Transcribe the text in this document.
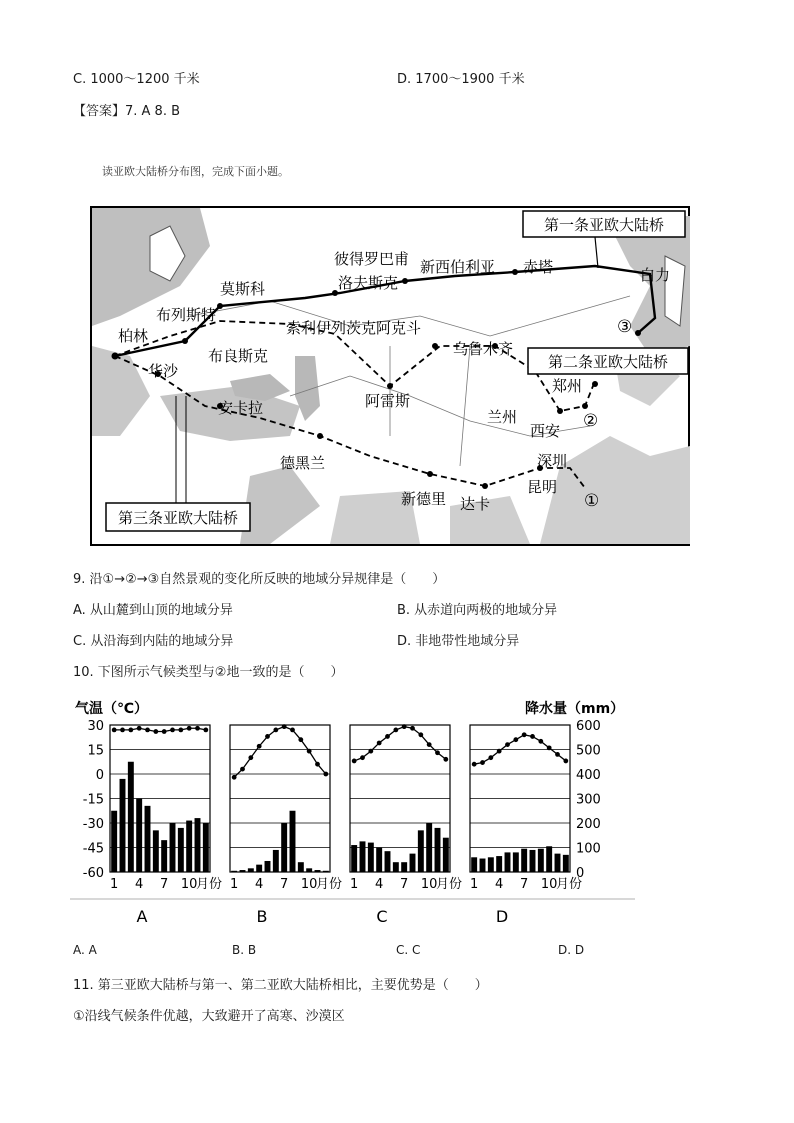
C. 1000～1200 千米	D. 1700～1900 千米
【答案】7. A 8. B
读亚欧大陆桥分布图，完成下面小题。
第一条亚欧大陆桥
第二条亚欧大陆桥
第三条亚欧大陆桥
莫斯科
彼得罗巴甫
洛夫斯克
新西伯利亚 赤塔	白力
柏林
布列斯特
华沙
布良斯克
索利伊列茨克阿克斗
乌鲁木齐
郑州
兰州
西安
安卡拉	阿雷斯
德黑兰	深圳
昆明
新德里 达卡
③
②
①
9. 沿①→②→③自然景观的变化所反映的地域分异规律是（　　）
A. 从山麓到山顶的地域分异	B. 从赤道向两极的地域分异
C. 从沿海到内陆的地域分异	D. 非地带性地域分异
10. 下图所示气候类型与②地一致的是（　　）
气温（℃）	降水量（mm）
30
15
0
-15
-30
-45
-60
600
500
400
300
200
100
0
1 4 7 10
月份
A
1 4 7 10
月份
B
1 4 7 10
月份
C
1 4 7 10
月份
D
A. A	B. B	C. C	D. D
11. 第三亚欧大陆桥与第一、第二亚欧大陆桥相比，主要优势是（　　）
①沿线气候条件优越，大致避开了高寒、沙漠区
